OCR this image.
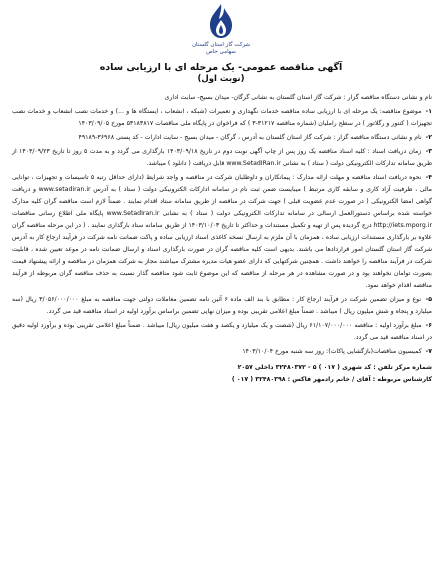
شرکت گاز استان گلستان
سهامی خاص
آگهی مناقصه عمومی- یک مرحله ای با ارزیابی ساده
(نوبت اول)

نام و نشانی دستگاه مناقصه گزار : شرکت گاز استان گلستان به نشانی گرگان- میدان بسیج- سایت اداری

۱- موضوع مناقصه: یک مرحله ای با ارزیابی ساده مناقصه خدمات نگهداری و تعمیرات (شبکه ، انشعاب ، ایستگاه ها و ...) و خدمات نصب انشعاب و خدمات نصب تجهیزات ( کنتور و رگلاتور ) در سطح راملیان (شماره مناقصه ۳۱۲۱۷-۳ ) که فراخوان در پایگاه ملی مناقصات ۵۳۱۸۳۸۱۷ مورخ ۱۴۰۳/۰۹/۰۵

۲- نام و نشانی دستگاه مناقصه گزار : شرکت گاز استان گلستان به آدرس ، گرگان - میدان بسیج - سایت ادارات - کد پستی ۳۶۹۶۸-۴۹۱۸۹

۳- زمان دریافت اسناد : کلیه اسناد مناقصه یک روز پس از چاپ آگهی نوبت دوم در تاریخ ۱۴۰۳/۰۹/۱۸ بارگذاری می گردد و به مدت ۵ روز تا تاریخ ۱۴۰۳/۰۹/۲۳ از طریق سامانه تدارکات الکترونیکی دولت ( ستاد ) به نشانی www.SetadIRan.ir قابل دریافت ( دانلود ) میباشد.

۴- نحوه دریافت اسناد مناقصه و مهلت ارائه مدارک : پیمانکاران و داوطلبان شرکت در مناقصه و واجد شرایط (دارای حداقل رتبه ۵ تاسیسات و تجهیزات ، توانایی مالی ، ظرفیت آزاد کاری و سابقه کاری مرتبط ) میبایست ضمن ثبت نام در سامانه ادارکات الکترونیکی دولت ( ستاد ) به آدرس www.setadiran.ir و دریافت گواهی امضا الکترونیکی ( در صورت عدم عضویت قبلی ) جهت شرکت در مناقصه از طریق سامانه ستاد اقدام نمایند . ضمناً لازم است مناقصه گران کلیه مدارک خواسته شده براساس دستورالعمل ارسالی در سامانه تدارکات الکترونیکی دولت ( ستاد ) به نشانی www.SetadIran.ir پایگاه ملی اطلاع رسانی مناقصات http://iets.mporg.ir درج گردیده پس از تهیه و تکمیل مستندات و حداکثر تا تاریخ ۱۴۰۳/۱۰/۰۳ از طریق سامانه ستاد بارگذاری نمایند . ( در این مرحله مناقصه گران علاوه بر بارگذاری مستندات ارزیابی ساده ، همزمان با آن ملزم به ارسال نسخه کاغذی اسناد ارزیابی ساده و پاکت ضمانت نامه شرکت در فرآیند ارجاع کار به آدرس شرکت گاز استان گلستان امور قراردادها می باشند. بدیهی است کلیه مناقصه گران در صورت بارگذاری اسناد و ارسال ضمانت نامه در موعد تعیین شده ، قابلیت شرکت در فرآیند مناقصه را خواهند داشت . همچنین شرکتهایی که دارای عضو هیات مدیره مشترک میباشند مجاز به شرکت همزمان در مناقصه و ارائه پیشنهاد قیمت بصورت توامان نخواهند بود و در صورت مشاهده در هر مرحله از مناقصه که این موضوع ثابت شود مناقصه گذار نسبت به حذف مناقصه گران مربوطه از فرآیند مناقصه اقدام خواهد نمود.

۵- نوع و میزان تضمین شرکت در فرآیند ارجاع کار : مطابق با بند الف ماده ۶ آئین نامه تضمین معاملات دولتی جهت مناقصه به مبلغ ۳/۰۵۶/۰۰۰/۰۰۰ ریال (سه میلیارد و پنجاه و شش میلیون ریال ) میباشد . ضمناً مبلغ اعلامی تقریبی بوده و میزان نهایی تضمین براساس برآورد اولیه در اسناد مناقصه قید می گردد.

۶- مبلغ برآورد اولیه : مناقصه ۶۱/۱۰۷/۰۰۰/۰۰۰ ریال (شصت و یک میلیارد و یکصد و هفت میلیون ریال) میباشد . ضمناً مبلغ اعلامی تقریبی بوده و برآورد اولیه دقیق در اسناد مناقصه قید می گردد.

۷- کمیسیون مناقصات(بازگشایی پاکات): روز سه شنبه مورخ ۱۴۰۳/۱۰/۰۴

شماره مرکز تلفن : کد شهری ( ۰۱۷ ) ۵ - ۳۲۴۸۰۳۷۲ داخلی ۲۰۵۷
کارشناس مربوطه : آقای / خانم رادمهر فاکس : ۳۲۴۸۰۳۹۸ ( ۰۱۷ )
